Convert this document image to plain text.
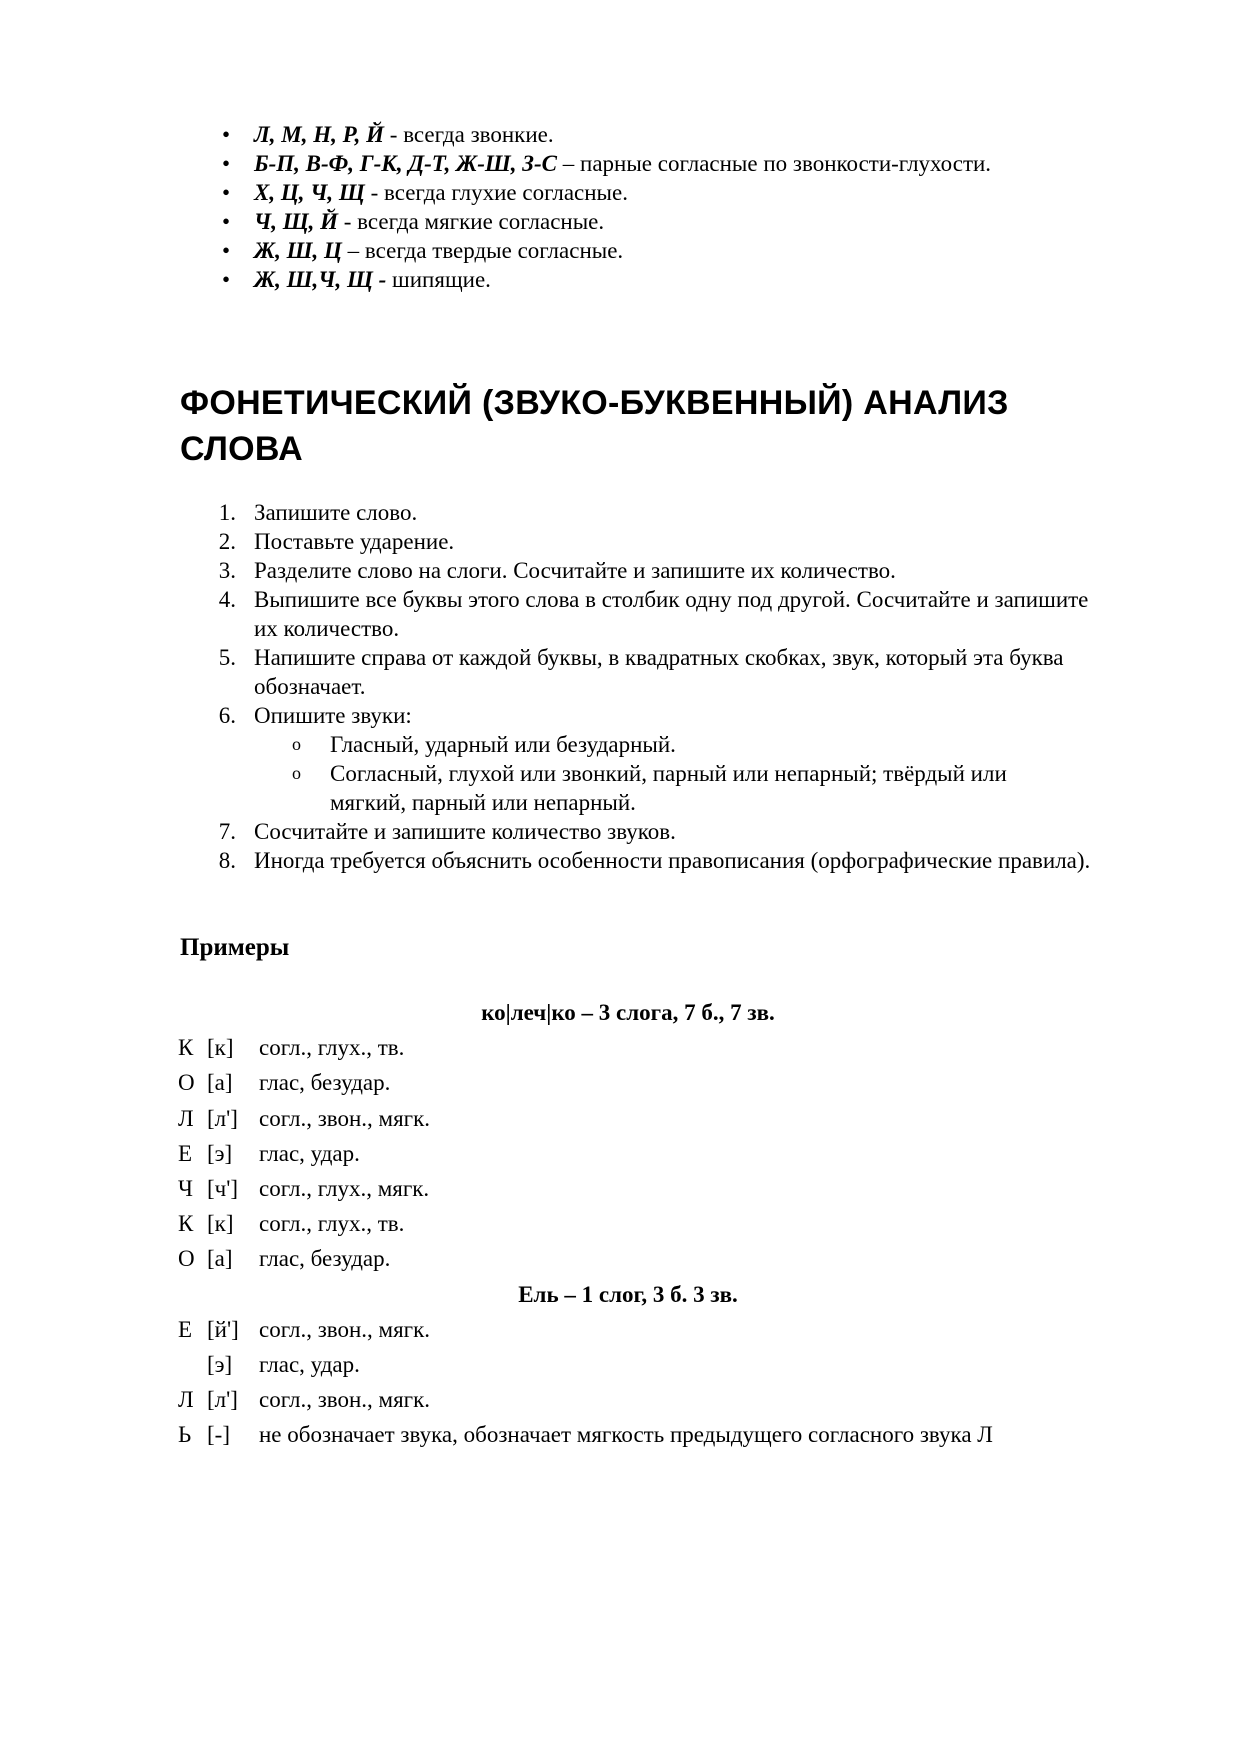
• Л, М, Н, Р, Й - всегда звонкие.
• Б-П, В-Ф, Г-К, Д-Т, Ж-Ш, З-С – парные согласные по звонкости-глухости.
• Х, Ц, Ч, Щ - всегда глухие согласные.
• Ч, Щ, Й - всегда мягкие согласные.
• Ж, Ш, Ц – всегда твердые согласные.
• Ж, Ш,Ч, Щ - шипящие.
ФОНЕТИЧЕСКИЙ (ЗВУКО-БУКВЕННЫЙ) АНАЛИЗ СЛОВА
1. Запишите слово.
2. Поставьте ударение.
3. Разделите слово на слоги. Сосчитайте и запишите их количество.
4. Выпишите все буквы этого слова в столбик одну под другой. Сосчитайте и запишите их количество.
5. Напишите справа от каждой буквы, в квадратных скобках, звук, который эта буква обозначает.
6. Опишите звуки:
o Гласный, ударный или безударный.
o Согласный, глухой или звонкий, парный или непарный; твёрдый или мягкий, парный или непарный.
7. Сосчитайте и запишите количество звуков.
8. Иногда требуется объяснить особенности правописания (орфографические правила).
Примеры
ко|леч|ко – 3 слога, 7 б., 7 зв.
К [к] согл., глух., тв.
О [а] глас, безудар.
Л [л'] согл., звон., мягк.
Е [э] глас, удар.
Ч [ч'] согл., глух., мягк.
К [к] согл., глух., тв.
О [а] глас, безудар.
Ель – 1 слог, 3 б. 3 зв.
Е [й'] согл., звон., мягк.
[э] глас, удар.
Л [л'] согл., звон., мягк.
Ь [-] не обозначает звука, обозначает мягкость предыдущего согласного звука Л
